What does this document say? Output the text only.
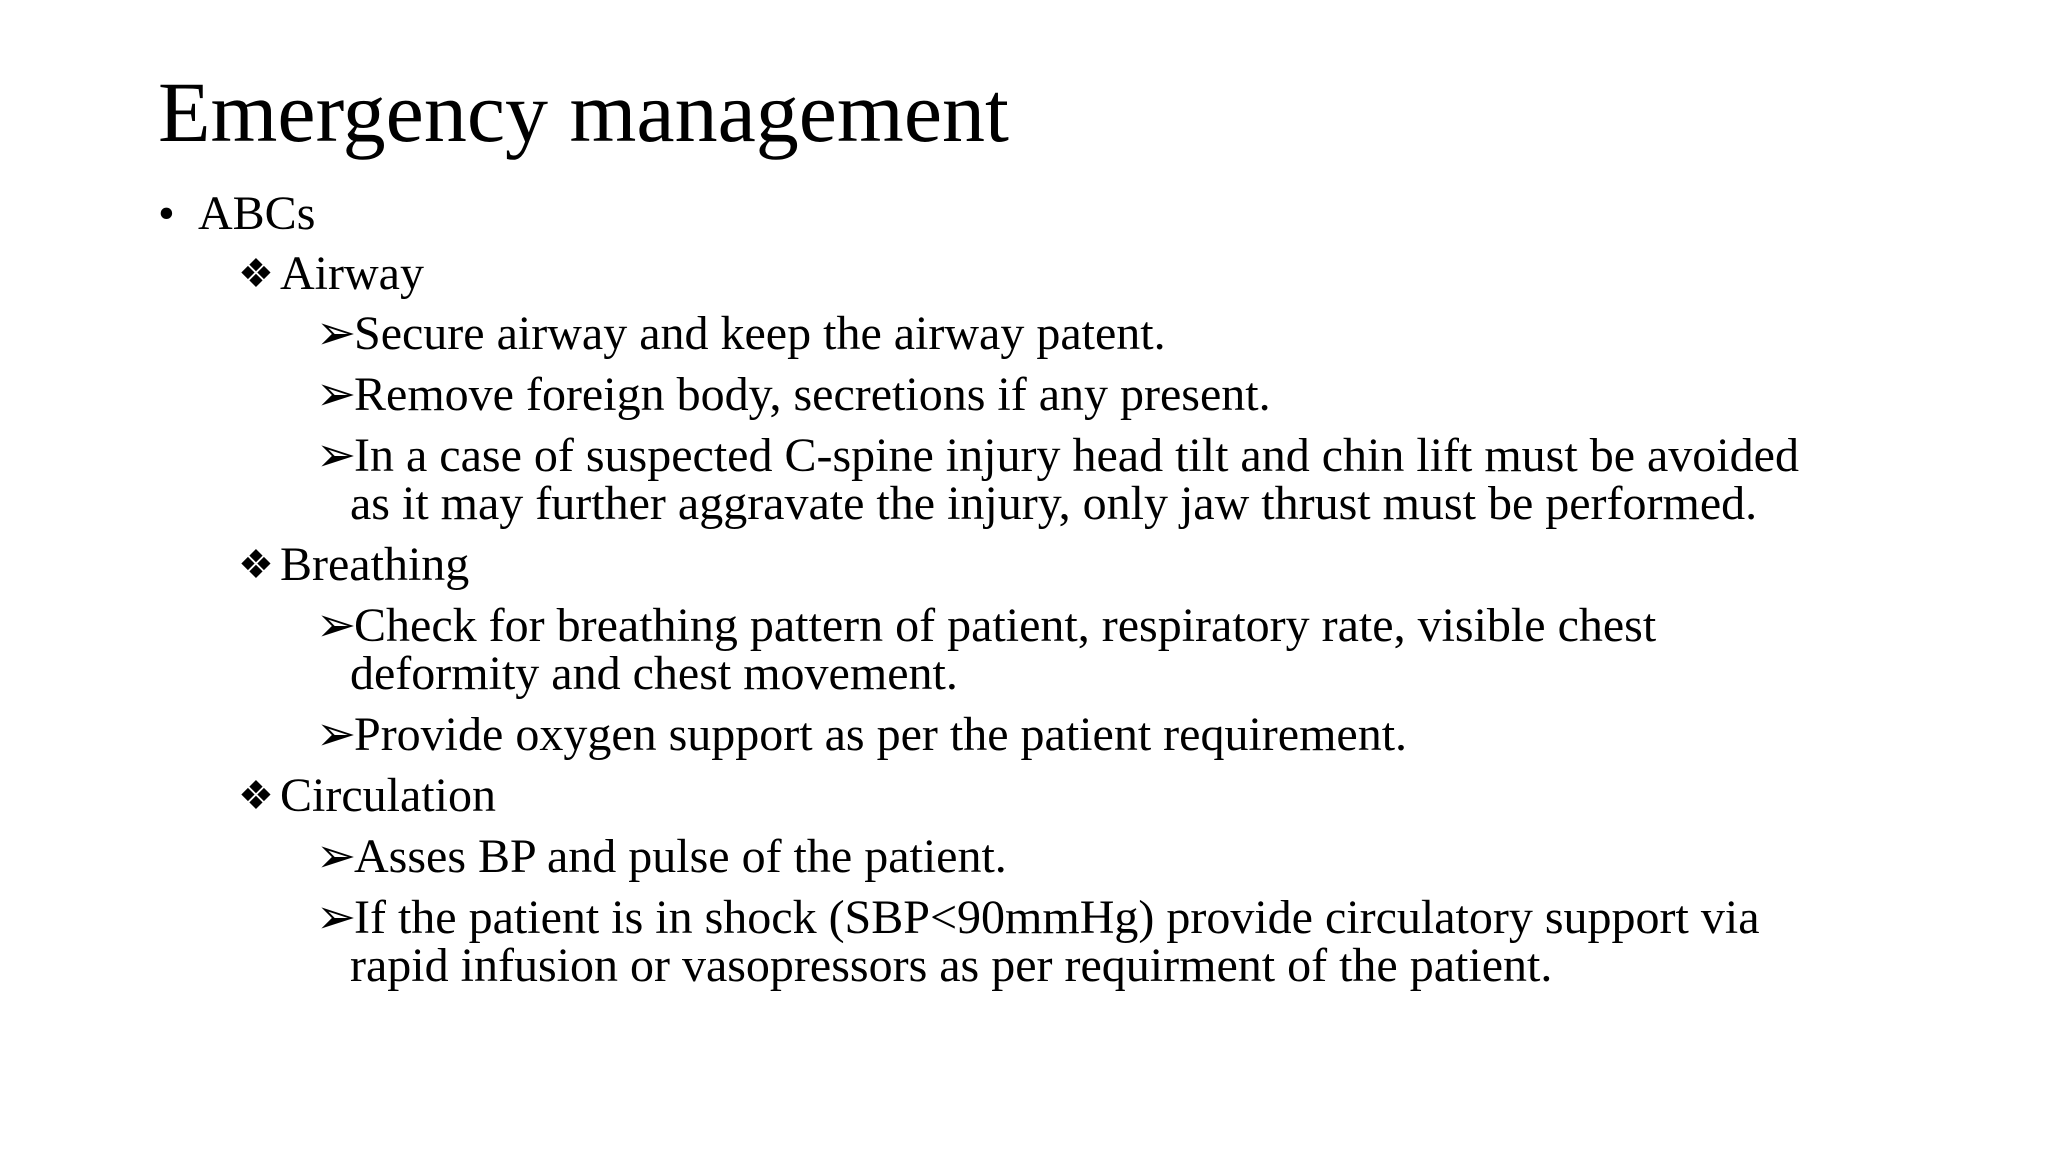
Emergency management
• ABCs
❖ Airway
➢Secure airway and keep the airway patent.
➢Remove foreign body, secretions if any present.
➢In a case of suspected C-spine injury head tilt and chin lift must be avoided
as it may further aggravate the injury, only jaw thrust must be performed.
❖ Breathing
➢Check for breathing pattern of patient, respiratory rate, visible chest
deformity and chest movement.
➢Provide oxygen support as per the patient requirement.
❖ Circulation
➢Asses BP and pulse of the patient.
➢If the patient is in shock (SBP<90mmHg) provide circulatory support via
rapid infusion or vasopressors as per requirment of the patient.
